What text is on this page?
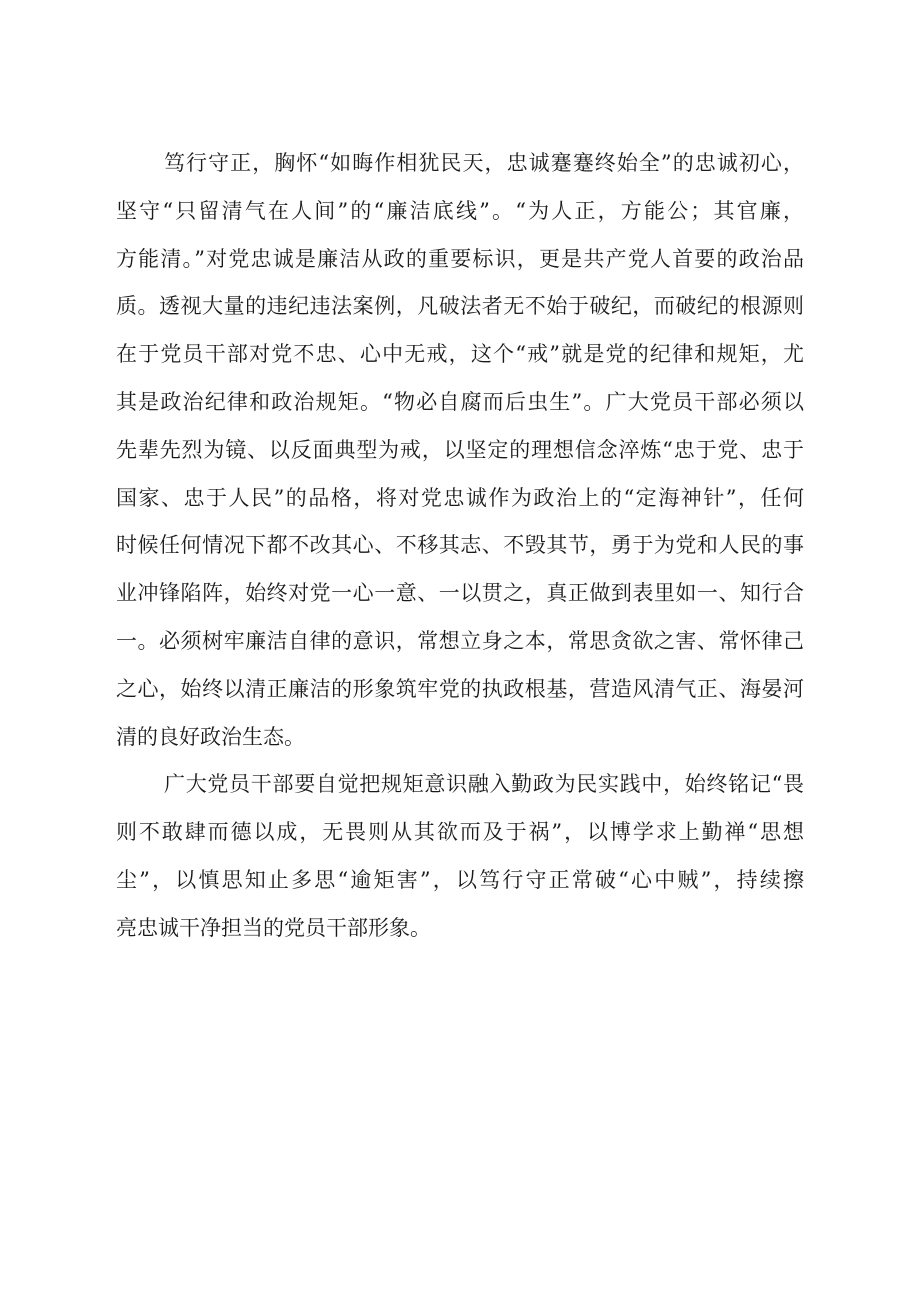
笃行守正，胸怀“如晦作相犹民天，忠诚蹇蹇终始全”的忠诚初心，
坚守“只留清气在人间”的“廉洁底线”。“为人正，方能公；其官廉，
方能清。”对党忠诚是廉洁从政的重要标识，更是共产党人首要的政治品
质。透视大量的违纪违法案例，凡破法者无不始于破纪，而破纪的根源则
在于党员干部对党不忠、心中无戒，这个“戒”就是党的纪律和规矩，尤
其是政治纪律和政治规矩。“物必自腐而后虫生”。广大党员干部必须以
先辈先烈为镜、以反面典型为戒，以坚定的理想信念淬炼“忠于党、忠于
国家、忠于人民”的品格，将对党忠诚作为政治上的“定海神针”，任何
时候任何情况下都不改其心、不移其志、不毁其节，勇于为党和人民的事
业冲锋陷阵，始终对党一心一意、一以贯之，真正做到表里如一、知行合
一。必须树牢廉洁自律的意识，常想立身之本，常思贪欲之害、常怀律己
之心，始终以清正廉洁的形象筑牢党的执政根基，营造风清气正、海晏河
清的良好政治生态。
广大党员干部要自觉把规矩意识融入勤政为民实践中，始终铭记“畏
则不敢肆而德以成，无畏则从其欲而及于祸”，以博学求上勤禅“思想
尘”，以慎思知止多思“逾矩害”，以笃行守正常破“心中贼”，持续擦
亮忠诚干净担当的党员干部形象。
